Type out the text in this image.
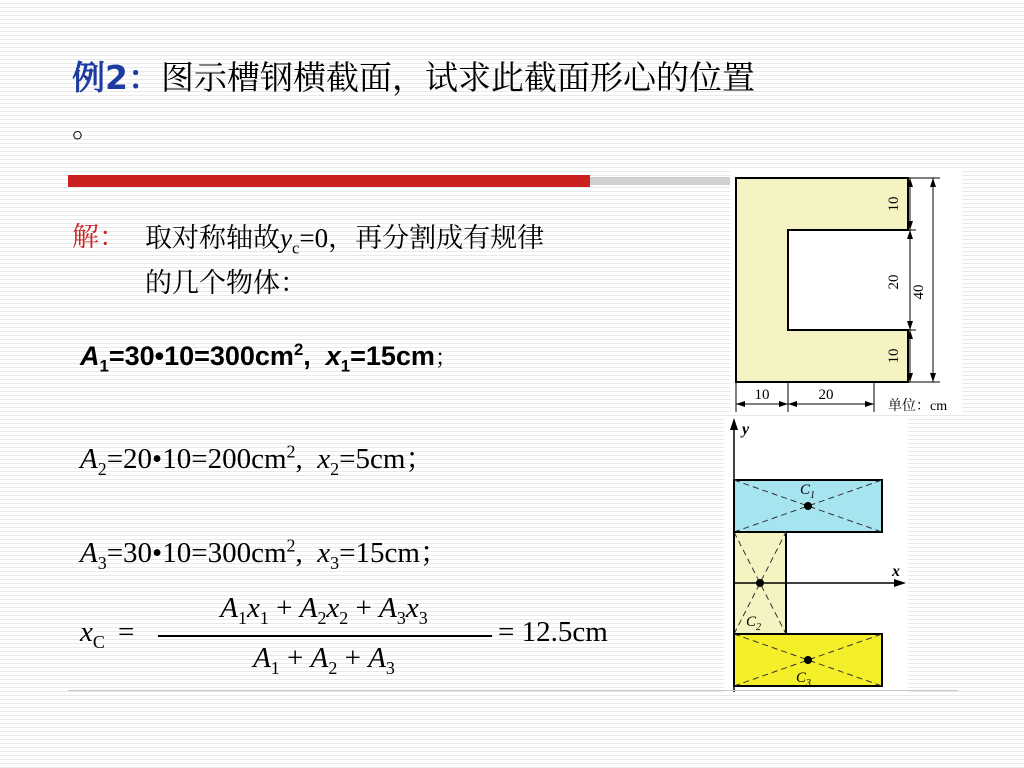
例2：图示槽钢横截面，试求此截面形心的位置
。
解： 取对称轴故$y_c=0$，再分割成有规律
的几个物体：
$A_1=30•10=300cm^2$,  $x_1=15cm$；
$A_2=20•10=200cm^2$,  $x_2=5cm$；
$A_3=30•10=300cm^2$,  $x_3=15cm$；
$x_C$ =
$A_1x_1 + A_2x_2 + A_3x_3$
$A_1 + A_2 + A_3$
= 12.5cm
10
20
10
40
10	20
单位：cm
y
x
$C_1$
$C_2$
$C_3$
